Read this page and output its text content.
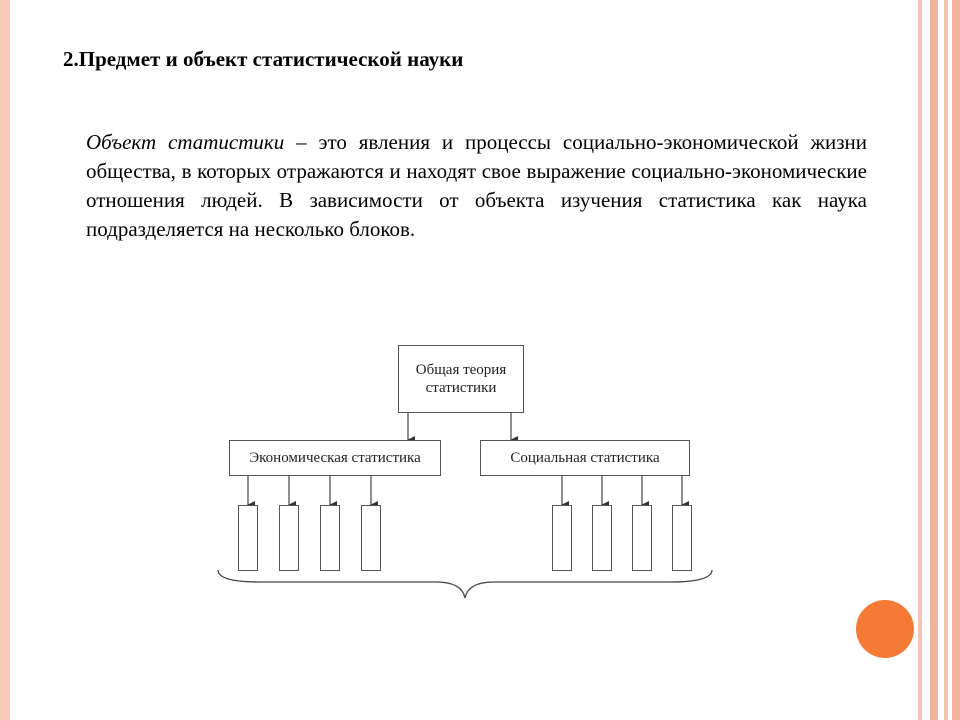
2.Предмет и объект статистической науки

Объект статистики – это явления и процессы социально-экономической жизни общества, в которых отражаются и находят свое выражение социально-экономические отношения людей. В зависимости от объекта изучения статистика как наука подразделяется на несколько блоков.

Общая теория
статистики
Экономическая статистика	Социальная статистика
